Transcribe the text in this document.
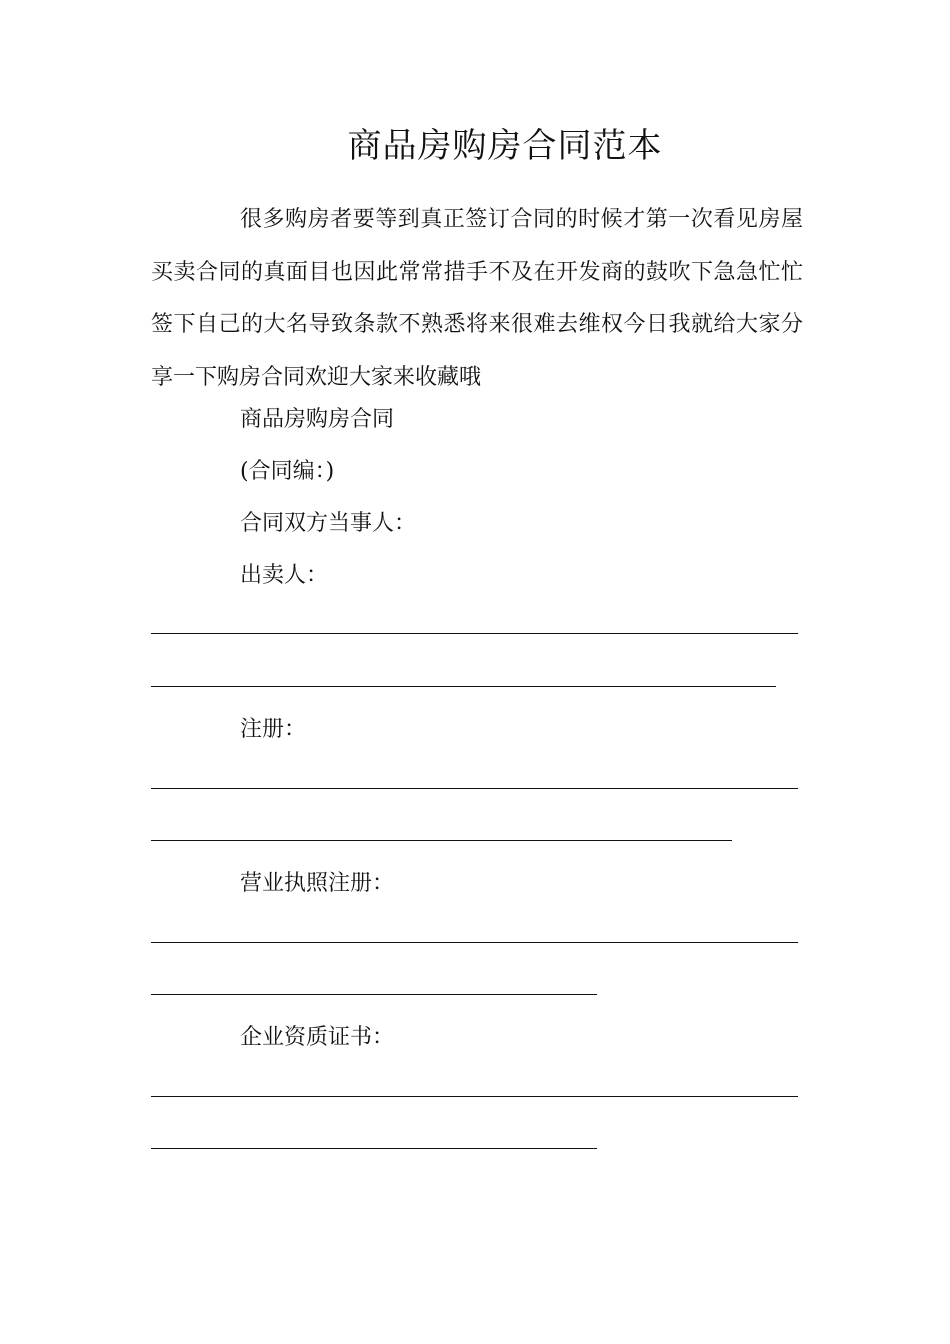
商品房购房合同范本

很多购房者要等到真正签订合同的时候才第一次看见房屋买卖合同的真面目也因此常常措手不及在开发商的鼓吹下急急忙忙签下自己的大名导致条款不熟悉将来很难去维权今日我就给大家分享一下购房合同欢迎大家来收藏哦

商品房购房合同
(合同编：)
合同双方当事人：
出卖人：
注册：
营业执照注册：
企业资质证书：
